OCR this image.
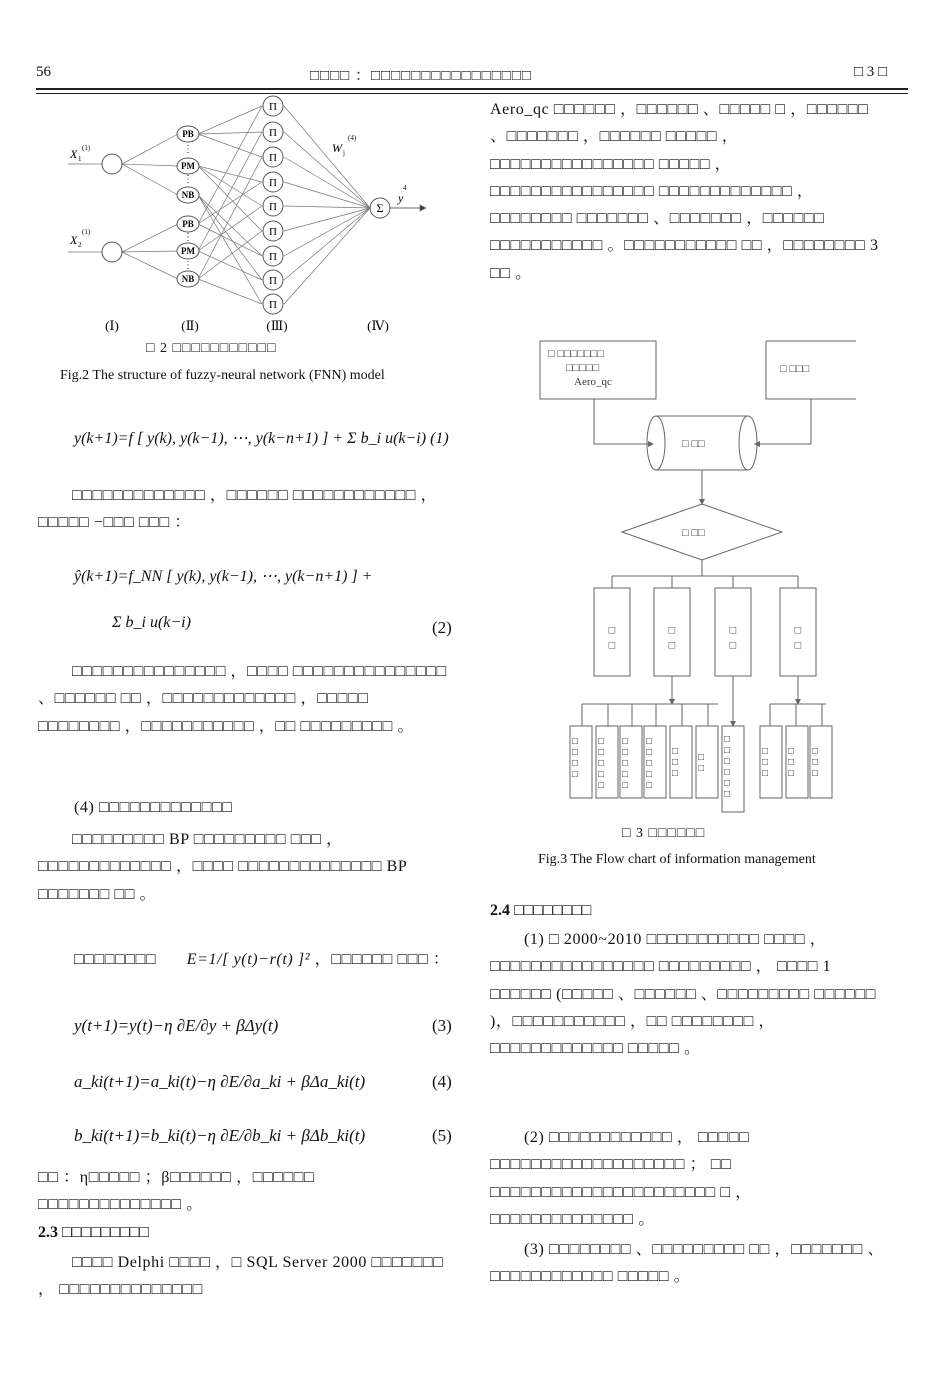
56	□□□□ ：□□□□□□□□□□□□□□□□	□ 3 □
X 1
(1)
X 2
(1)
PB
PM
NB
PB
PM
NB
⋮
⋮
⋮
⋮
Π
Π
Π
Π
Π
Π
Π
Π
Π
Σ
W j
(4)
y
4
(Ⅰ)	(Ⅱ)	(Ⅲ)	(Ⅳ)
□ 2 □□□□□□□□□□□
Fig.2 The structure of fuzzy-neural network (FNN) model
y(k+1)=f [ y(k), y(k−1), ⋯, y(k−n+1) ] + Σ b_i u(k−i) (1)

□□□□□□□□□□□□□ ，□□□□□□ □□□□□□□□□□□□ ， □□□□□ −□□□ □□□ ：

ŷ(k+1)=f_NN [ y(k), y(k−1), ⋯, y(k−n+1) ] +
Σ b_i u(k−i)	(2)

□□□□□□□□□□□□□□□ ，□□□□ □□□□□□□□□□□□□□□ 、□□□□□□ □□ ，□□□□□□□□□□□□□ ，□□□□□ □□□□□□□□ ，□□□□□□□□□□□ ，□□ □□□□□□□□□ 。

(4) □□□□□□□□□□□□□

□□□□□□□□□ BP □□□□□□□□□ □□□ ，□□□□□□□□□□□□□ ，□□□□ □□□□□□□□□□□□□□ BP □□□□□□□ □□ 。

□□□□□□□□ E=1/[ y(t)−r(t) ]² ，□□□□□□ □□□ ：
y(t+1)=y(t)−η ∂E/∂y + βΔy(t)	(3)
a_ki(t+1)=a_ki(t)−η ∂E/∂a_ki + βΔa_ki(t)	(4)
b_ki(t+1)=b_ki(t)−η ∂E/∂b_ki + βΔb_ki(t)	(5)

□□ ：η□□□□□ ；β□□□□□□ ，□□□□□□ □□□□□□□□□□□□□□ 。

2.3 □□□□□□□□□

□□□□ Delphi □□□□ ，□ SQL Server 2000 □□□□□□□ ， □□□□□□□□□□□□□□

Aero_qc □□□□□□ ，□□□□□□ 、□□□□□ □ ，□□□□□□ 、□□□□□□□ ，□□□□□□ □□□□□ ， □□□□□□□□□□□□□□□□ □□□□□ ， □□□□□□□□□□□□□□□□ □□□□□□□□□□□□□ ， □□□□□□□□ □□□□□□□ 、□□□□□□□ ，□□□□□□ □□□□□□□□□□□ 。□□□□□□□□□□□ □□ ，□□□□□□□□ 3 □□ 。

□ □□□□□□□
□□□□□
Aero_qc
□ □□□
□ □□
□ □□
□ □	□ □	□ □	□ □
□□□□ □□□□□ □□□□□ □□□□□ □□□ □□ □□□□□□	□□□ □□□ □□□
□ 3 □□□□□□
Fig.3 The Flow chart of information management
2.4 □□□□□□□□

(1) □ 2000~2010 □□□□□□□□□□□ □□□□ ， □□□□□□□□□□□□□□□□ □□□□□□□□□ ， □□□□ 1 □□□□□□ (□□□□□ 、□□□□□□ 、□□□□□□□□□ □□□□□□ )，□□□□□□□□□□□ ，□□ □□□□□□□□ ， □□□□□□□□□□□□□ □□□□□ 。

(2) □□□□□□□□□□□□ ， □□□□□ □□□□□□□□□□□□□□□□□□□ ； □□ □□□□□□□□□□□□□□□□□□□□□□ □ ，□□□□□□□□□□□□□□ 。

(3) □□□□□□□□ 、□□□□□□□□□ □□ ，□□□□□□□ 、□□□□□□□□□□□□ □□□□□ 。
